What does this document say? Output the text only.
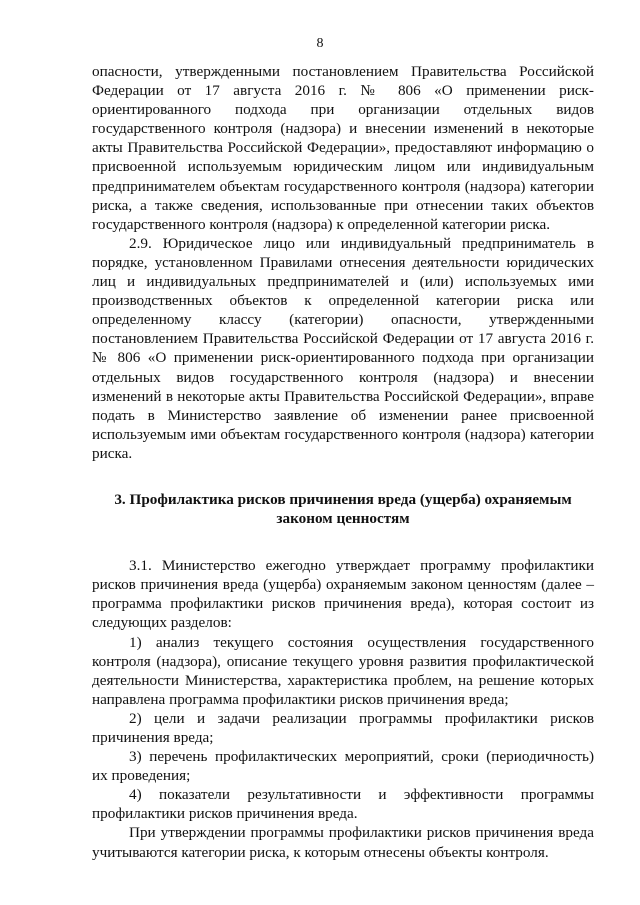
8

опасности, утвержденными постановлением Правительства Российской Федерации от 17 августа 2016 г. № 806 «О применении риск-ориентированного подхода при организации отдельных видов государственного контроля (надзора) и внесении изменений в некоторые акты Правительства Российской Федерации», предоставляют информацию о присвоенной используемым юридическим лицом или индивидуальным предпринимателем объектам государственного контроля (надзора) категории риска, а также сведения, использованные при отнесении таких объектов государственного контроля (надзора) к определенной категории риска.

2.9. Юридическое лицо или индивидуальный предприниматель в порядке, установленном Правилами отнесения деятельности юридических лиц и индивидуальных предпринимателей и (или) используемых ими производственных объектов к определенной категории риска или определенному классу (категории) опасности, утвержденными постановлением Правительства Российской Федерации от 17 августа 2016 г. № 806 «О применении риск-ориентированного подхода при организации отдельных видов государственного контроля (надзора) и внесении изменений в некоторые акты Правительства Российской Федерации», вправе подать в Министерство заявление об изменении ранее присвоенной используемым ими объектам государственного контроля (надзора) категории риска.

3. Профилактика рисков причинения вреда (ущерба) охраняемым законом ценностям

3.1. Министерство ежегодно утверждает программу профилактики рисков причинения вреда (ущерба) охраняемым законом ценностям (далее – программа профилактики рисков причинения вреда), которая состоит из следующих разделов:

1) анализ текущего состояния осуществления государственного контроля (надзора), описание текущего уровня развития профилактической деятельности Министерства, характеристика проблем, на решение которых направлена программа профилактики рисков причинения вреда;

2) цели и задачи реализации программы профилактики рисков причинения вреда;

3) перечень профилактических мероприятий, сроки (периодичность) их проведения;

4) показатели результативности и эффективности программы профилактики рисков причинения вреда.

При утверждении программы профилактики рисков причинения вреда учитываются категории риска, к которым отнесены объекты контроля.
